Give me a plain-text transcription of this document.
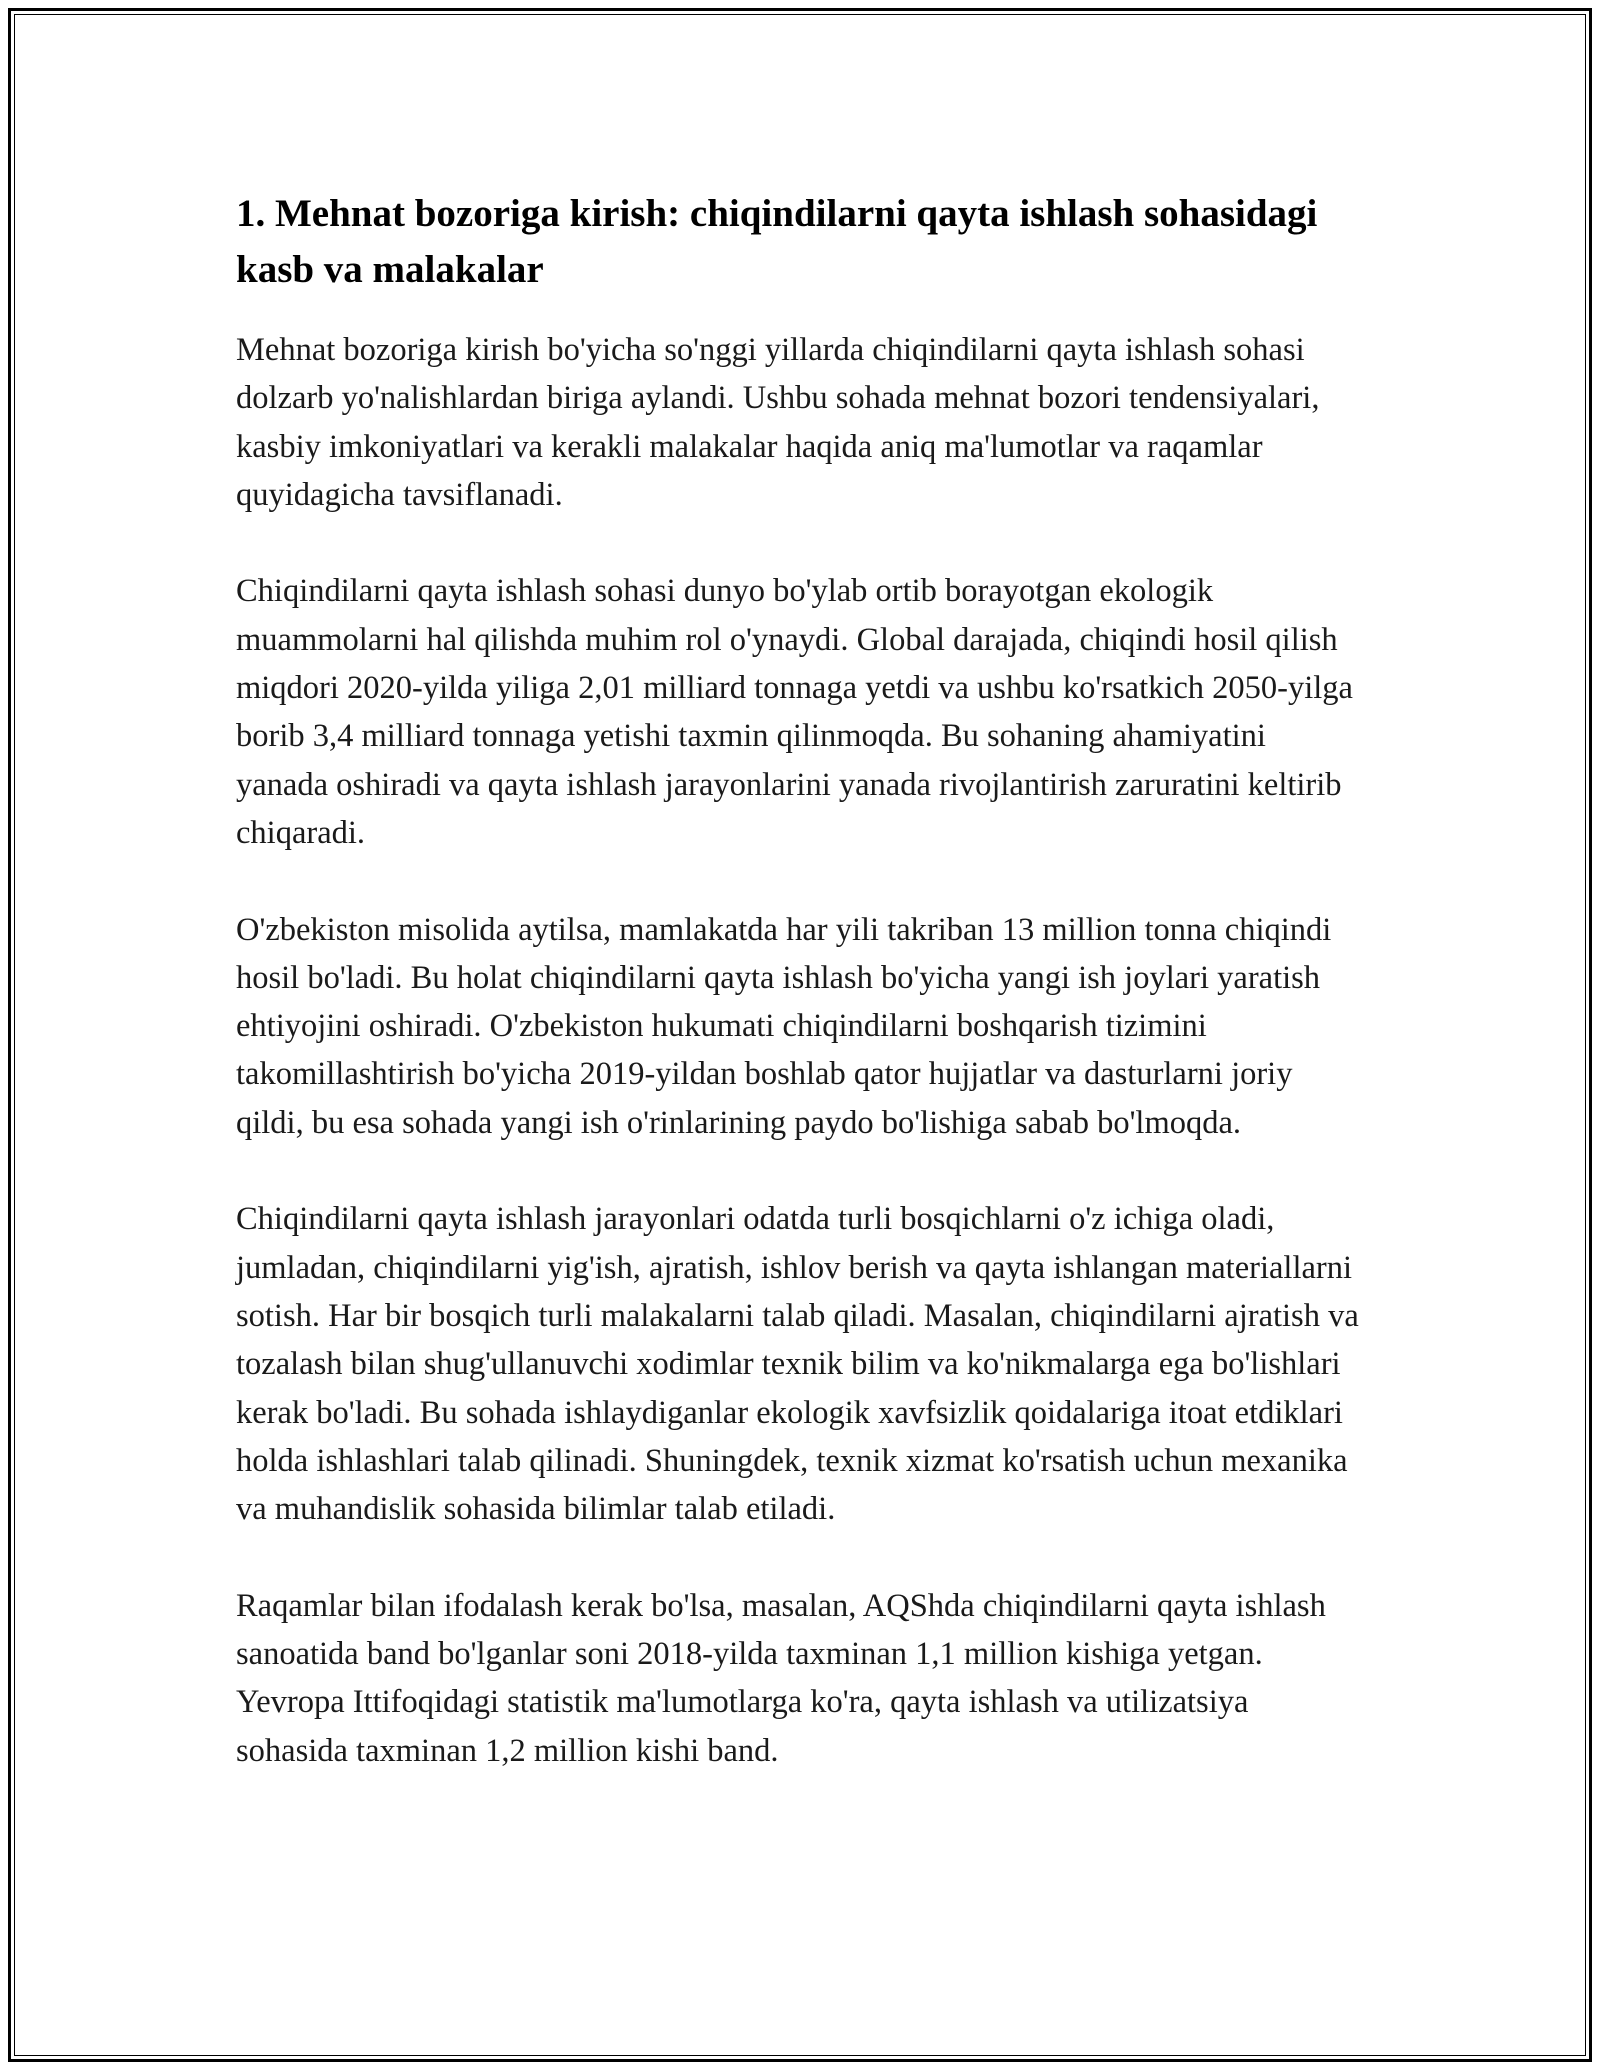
1. Mehnat bozoriga kirish: chiqindilarni qayta ishlash sohasidagi kasb va malakalar

Mehnat bozoriga kirish bo'yicha so'nggi yillarda chiqindilarni qayta ishlash sohasi dolzarb yo'nalishlardan biriga aylandi. Ushbu sohada mehnat bozori tendensiyalari, kasbiy imkoniyatlari va kerakli malakalar haqida aniq ma'lumotlar va raqamlar quyidagicha tavsiflanadi.

Chiqindilarni qayta ishlash sohasi dunyo bo'ylab ortib borayotgan ekologik muammolarni hal qilishda muhim rol o'ynaydi. Global darajada, chiqindi hosil qilish miqdori 2020-yilda yiliga 2,01 milliard tonnaga yetdi va ushbu ko'rsatkich 2050-yilga borib 3,4 milliard tonnaga yetishi taxmin qilinmoqda. Bu sohaning ahamiyatini yanada oshiradi va qayta ishlash jarayonlarini yanada rivojlantirish zaruratini keltirib chiqaradi.

O'zbekiston misolida aytilsa, mamlakatda har yili takriban 13 million tonna chiqindi hosil bo'ladi. Bu holat chiqindilarni qayta ishlash bo'yicha yangi ish joylari yaratish ehtiyojini oshiradi. O'zbekiston hukumati chiqindilarni boshqarish tizimini takomillashtirish bo'yicha 2019-yildan boshlab qator hujjatlar va dasturlarni joriy qildi, bu esa sohada yangi ish o'rinlarining paydo bo'lishiga sabab bo'lmoqda.

Chiqindilarni qayta ishlash jarayonlari odatda turli bosqichlarni o'z ichiga oladi, jumladan, chiqindilarni yig'ish, ajratish, ishlov berish va qayta ishlangan materiallarni sotish. Har bir bosqich turli malakalarni talab qiladi. Masalan, chiqindilarni ajratish va tozalash bilan shug'ullanuvchi xodimlar texnik bilim va ko'nikmalarga ega bo'lishlari kerak bo'ladi. Bu sohada ishlaydiganlar ekologik xavfsizlik qoidalariga itoat etdiklari holda ishlashlari talab qilinadi. Shuningdek, texnik xizmat ko'rsatish uchun mexanika va muhandislik sohasida bilimlar talab etiladi.

Raqamlar bilan ifodalash kerak bo'lsa, masalan, AQShda chiqindilarni qayta ishlash sanoatida band bo'lganlar soni 2018-yilda taxminan 1,1 million kishiga yetgan. Yevropa Ittifoqidagi statistik ma'lumotlarga ko'ra, qayta ishlash va utilizatsiya sohasida taxminan 1,2 million kishi band.
